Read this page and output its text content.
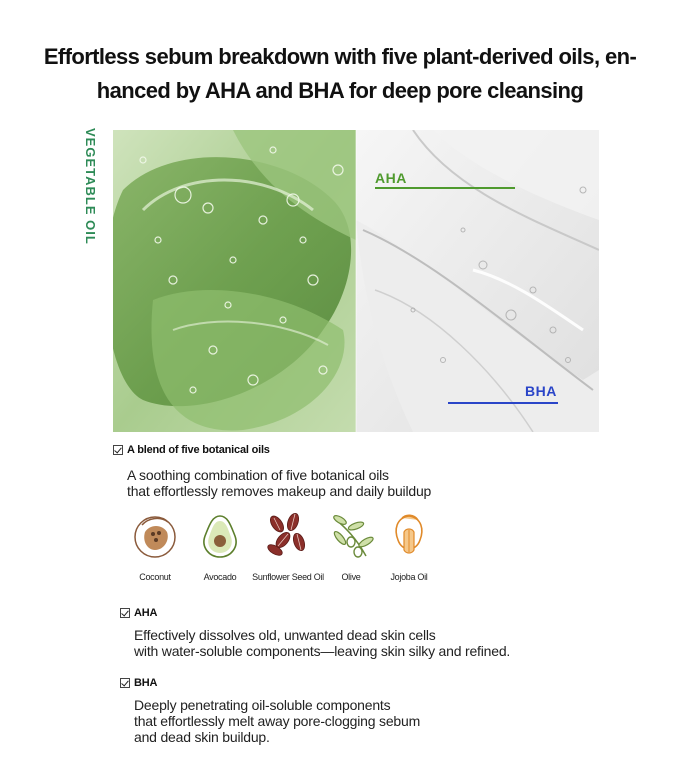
Effortless sebum breakdown with five plant-derived oils, en-
hanced by AHA and BHA for deep pore cleansing
VEGETABLE OIL	AHA
BHA
A blend of five botanical oils
A soothing combination of five botanical oils
that effortlessly removes makeup and daily buildup
Coconut	Avocado	Sunflower Seed Oil	Olive	Jojoba Oil
AHA
Effectively dissolves old, unwanted dead skin cells
with water-soluble components—leaving skin silky and refined.
BHA
Deeply penetrating oil-soluble components
that effortlessly melt away pore-clogging sebum
and dead skin buildup.
